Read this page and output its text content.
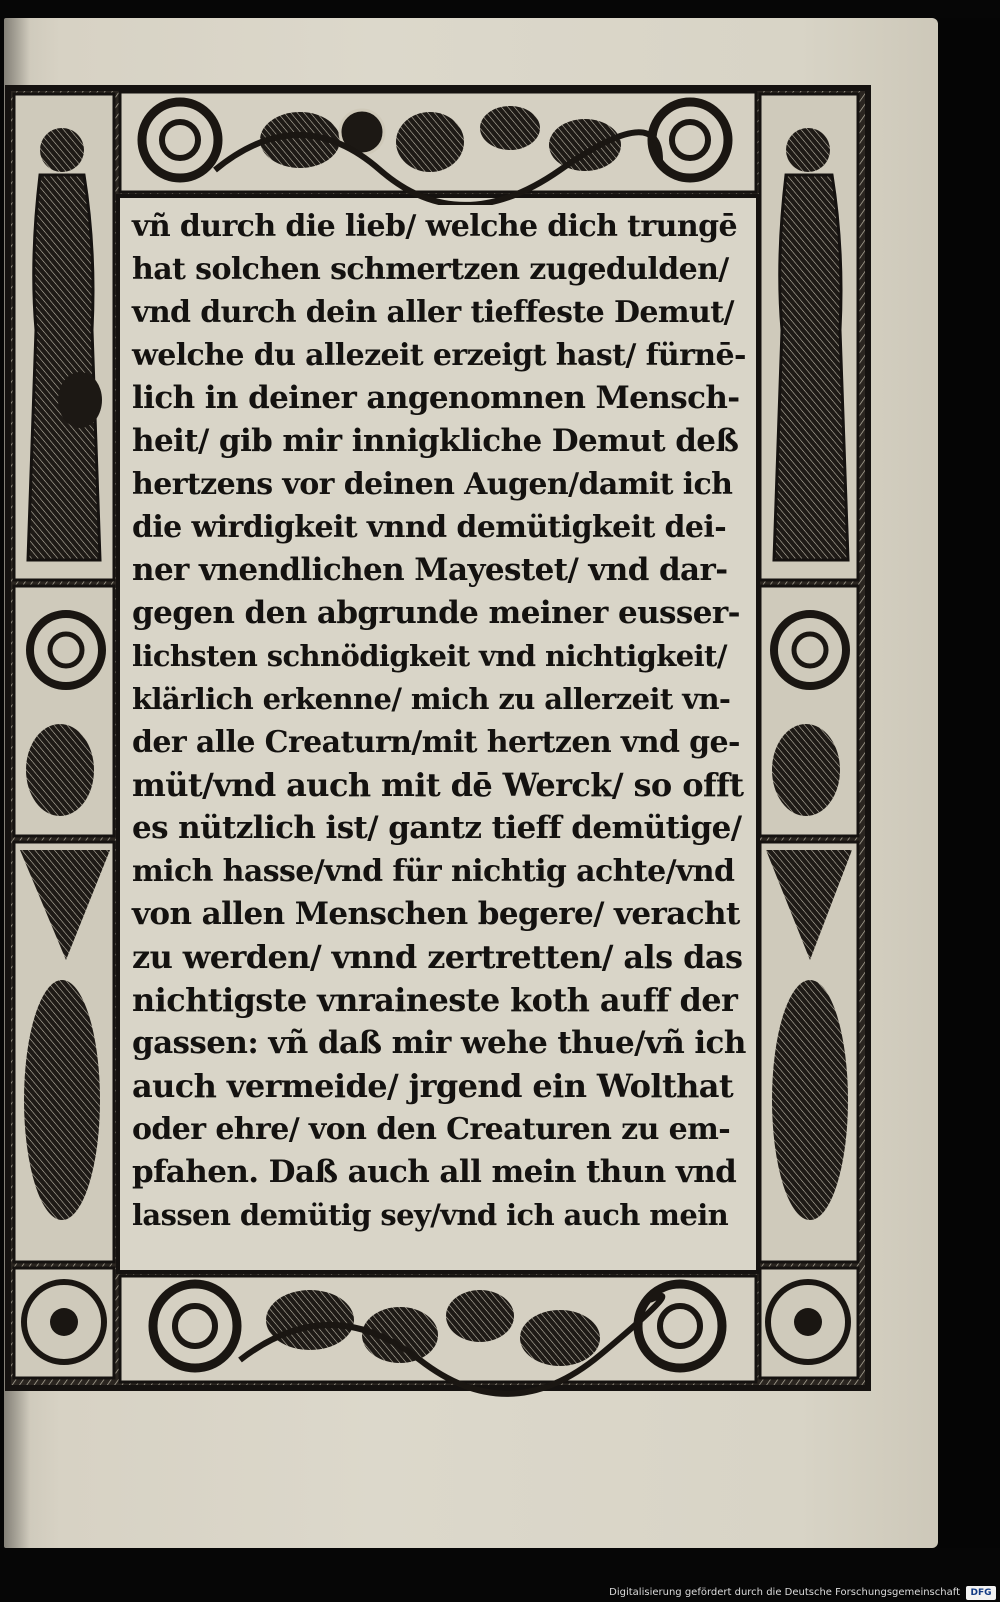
vñ durch die lieb/ welche dich trungē
hat solchen schmertzen zugedulden/
vnd durch dein aller tieffeste Demut/
welche du allezeit erzeigt hast/ fürnē-
lich in deiner angenomnen Mensch-
heit/ gib mir innigkliche Demut deß
hertzens vor deinen Augen/damit ich
die wirdigkeit vnnd demütigkeit dei-
ner vnendlichen Mayestet/ vnd dar-
gegen den abgrunde meiner eusser-
lichsten schnödigkeit vnd nichtigkeit/
klärlich erkenne/ mich zu allerzeit vn-
der alle Creaturn/mit hertzen vnd ge-
müt/vnd auch mit dē Werck/ so offt
es nützlich ist/ gantz tieff demütige/
mich hasse/vnd für nichtig achte/vnd
von allen Menschen begere/ veracht
zu werden/ vnnd zertretten/ als das
nichtigste vnraineste koth auff der
gassen: vñ daß mir wehe thue/vñ ich
auch vermeide/ jrgend ein Wolthat
oder ehre/ von den Creaturen zu em-
pfahen. Daß auch all mein thun vnd
lassen demütig sey/vnd ich auch mein
Digitalisierung gefördert durch die Deutsche Forschungsgemeinschaft	DFG
